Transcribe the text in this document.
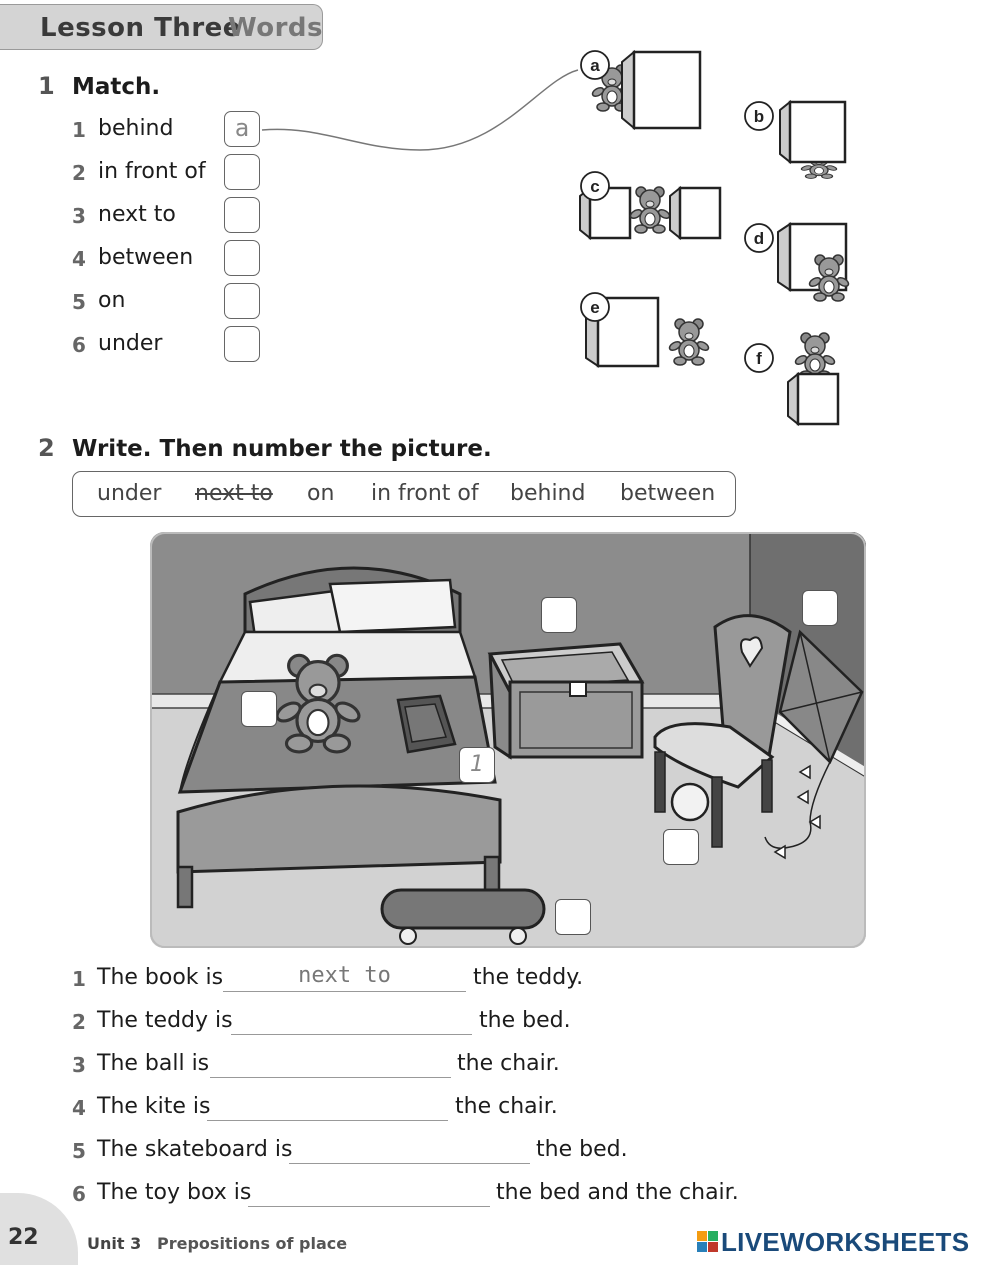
Lesson Three
Words
1 Match.
1 behind	a
2 in front of
3 next to
4 between
5 on
6 under
a
b
c
d
e
f
2 Write. Then number the picture.
under next to on in front of behind between
1
1 The book is	next to	the teddy.
2 The teddy is	the bed.
3 The ball is	the chair.
4 The kite is	the chair.
5 The skateboard is	the bed.
6 The toy box is	the bed and the chair.
22	Unit 3 Prepositions of place	LIVEWORKSHEETS
